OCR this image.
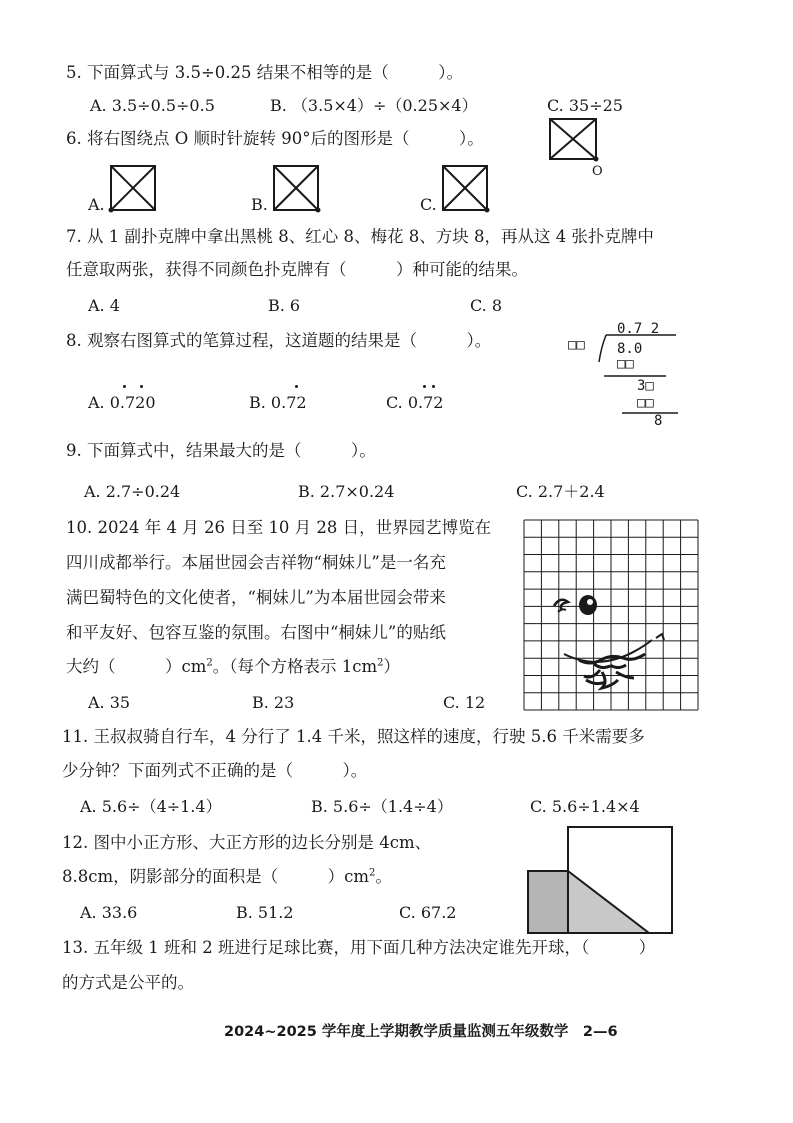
5. 下面算式与 3.5÷0.25 结果不相等的是（　　　）。
A. 3.5÷0.5÷0.5	B. （3.5×4）÷（0.25×4）	C. 35÷25
6. 将右图绕点 O 顺时针旋转 90°后的图形是（　　　）。
O
A.	B.	C.
7. 从 1 副扑克牌中拿出黑桃 8、红心 8、梅花 8、方块 8，再从这 4 张扑克牌中
任意取两张，获得不同颜色扑克牌有（　　　）种可能的结果。
A. 4	B. 6	C. 8
8. 观察右图算式的笔算过程，这道题的结果是（　　　）。
A. 0.720	B. 0.72	C. 0.72
0.7 2
□□ 8.0
□□
3□
□□
8
9. 下面算式中，结果最大的是（　　　）。
A. 2.7÷0.24	B. 2.7×0.24	C. 2.7＋2.4
10. 2024 年 4 月 26 日至 10 月 28 日，世界园艺博览在
四川成都举行。本届世园会吉祥物“桐妹儿”是一名充
满巴蜀特色的文化使者，“桐妹儿”为本届世园会带来
和平友好、包容互鉴的氛围。右图中“桐妹儿”的贴纸
大约（　　　）$cm^2$。（每个方格表示 $1cm^2$）
A. 35	B. 23	C. 12
11. 王叔叔骑自行车，4 分行了 1.4 千米，照这样的速度，行驶 5.6 千米需要多
少分钟？下面列式不正确的是（　　　）。
A. 5.6÷（4÷1.4）	B. 5.6÷（1.4÷4）	C. 5.6÷1.4×4
12. 图中小正方形、大正方形的边长分别是 4cm、
8.8cm，阴影部分的面积是（　　　）$cm^2$。
A. 33.6	B. 51.2	C. 67.2
13. 五年级 1 班和 2 班进行足球比赛，用下面几种方法决定谁先开球，（　　　）
的方式是公平的。
2024~2025 学年度上学期教学质量监测五年级数学　2—6
